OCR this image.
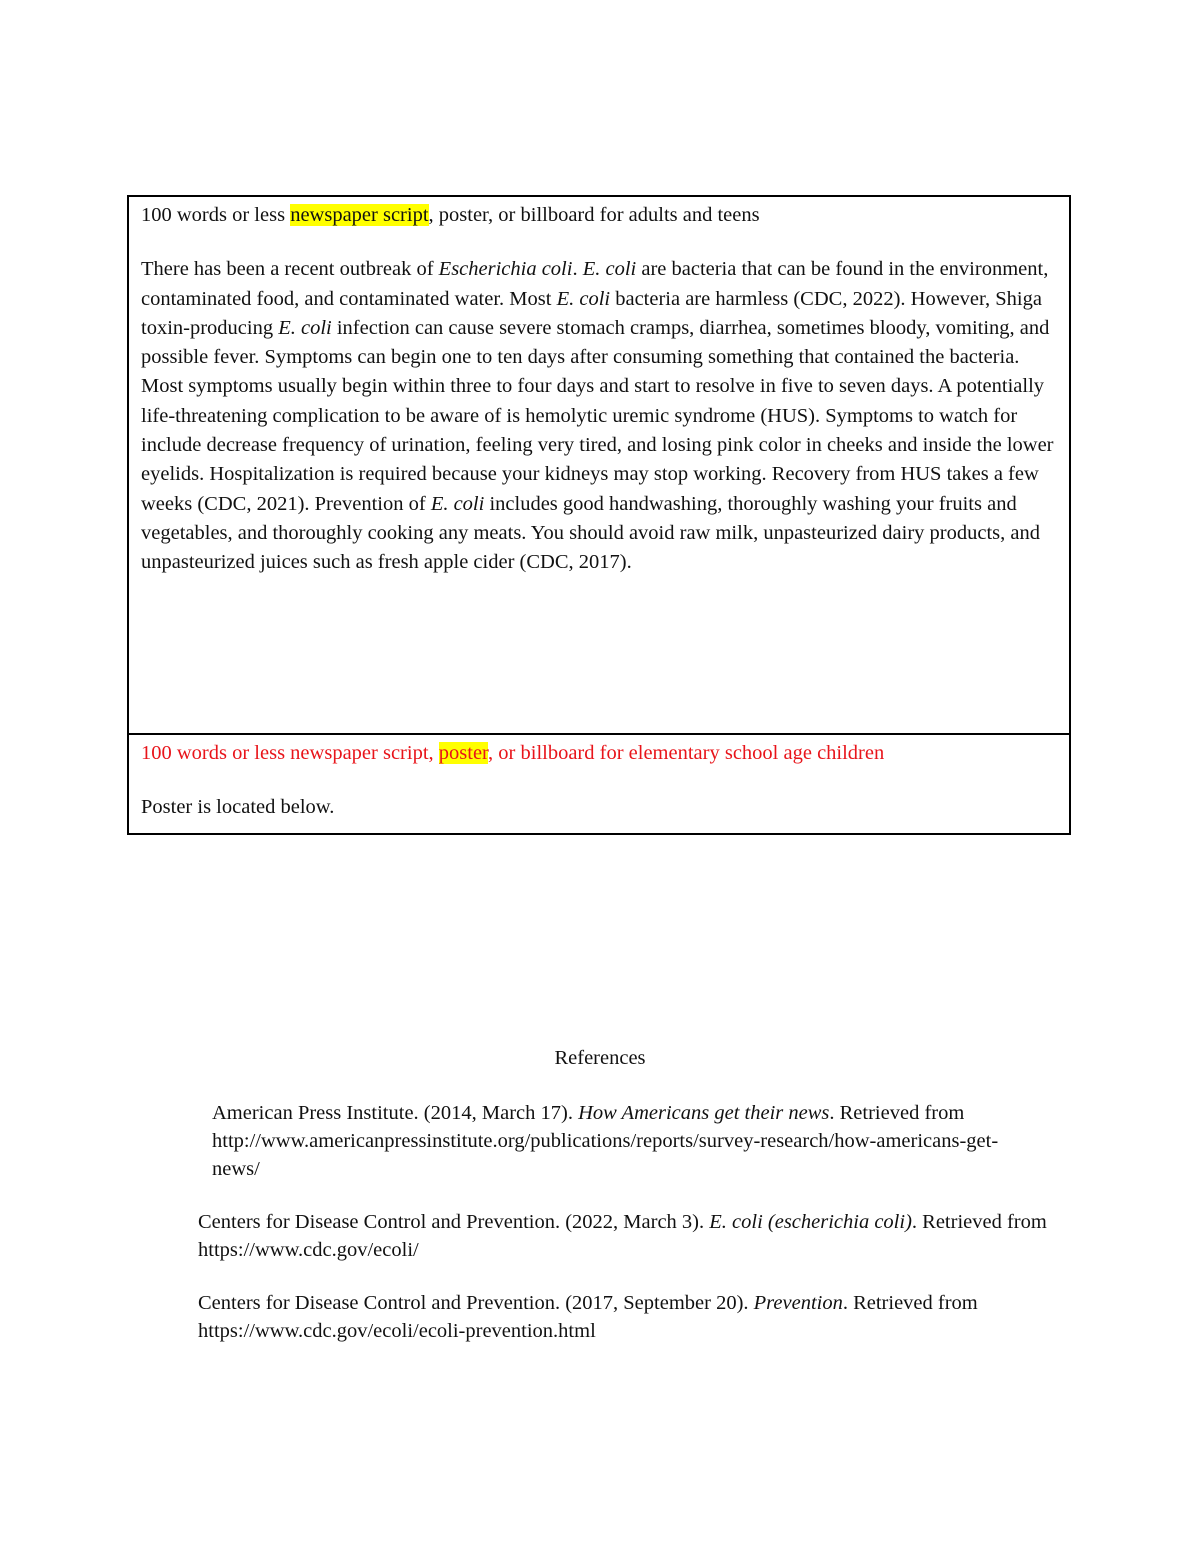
100 words or less newspaper script, poster, or billboard for adults and teens

There has been a recent outbreak of Escherichia coli. E. coli are bacteria that can be found in the environment, contaminated food, and contaminated water. Most E. coli bacteria are harmless (CDC, 2022). However, Shiga toxin-producing E. coli infection can cause severe stomach cramps, diarrhea, sometimes bloody, vomiting, and possible fever. Symptoms can begin one to ten days after consuming something that contained the bacteria. Most symptoms usually begin within three to four days and start to resolve in five to seven days. A potentially life-threatening complication to be aware of is hemolytic uremic syndrome (HUS). Symptoms to watch for include decrease frequency of urination, feeling very tired, and losing pink color in cheeks and inside the lower eyelids. Hospitalization is required because your kidneys may stop working. Recovery from HUS takes a few weeks (CDC, 2021). Prevention of E. coli includes good handwashing, thoroughly washing your fruits and vegetables, and thoroughly cooking any meats. You should avoid raw milk, unpasteurized dairy products, and unpasteurized juices such as fresh apple cider (CDC, 2017).

100 words or less newspaper script, poster, or billboard for elementary school age children

Poster is located below.

References

American Press Institute. (2014, March 17). How Americans get their news. Retrieved from http://www.americanpressinstitute.org/publications/reports/survey-research/how-americans-get-news/

Centers for Disease Control and Prevention. (2022, March 3). E. coli (escherichia coli). Retrieved from https://www.cdc.gov/ecoli/

Centers for Disease Control and Prevention. (2017, September 20). Prevention. Retrieved from https://www.cdc.gov/ecoli/ecoli-prevention.html
